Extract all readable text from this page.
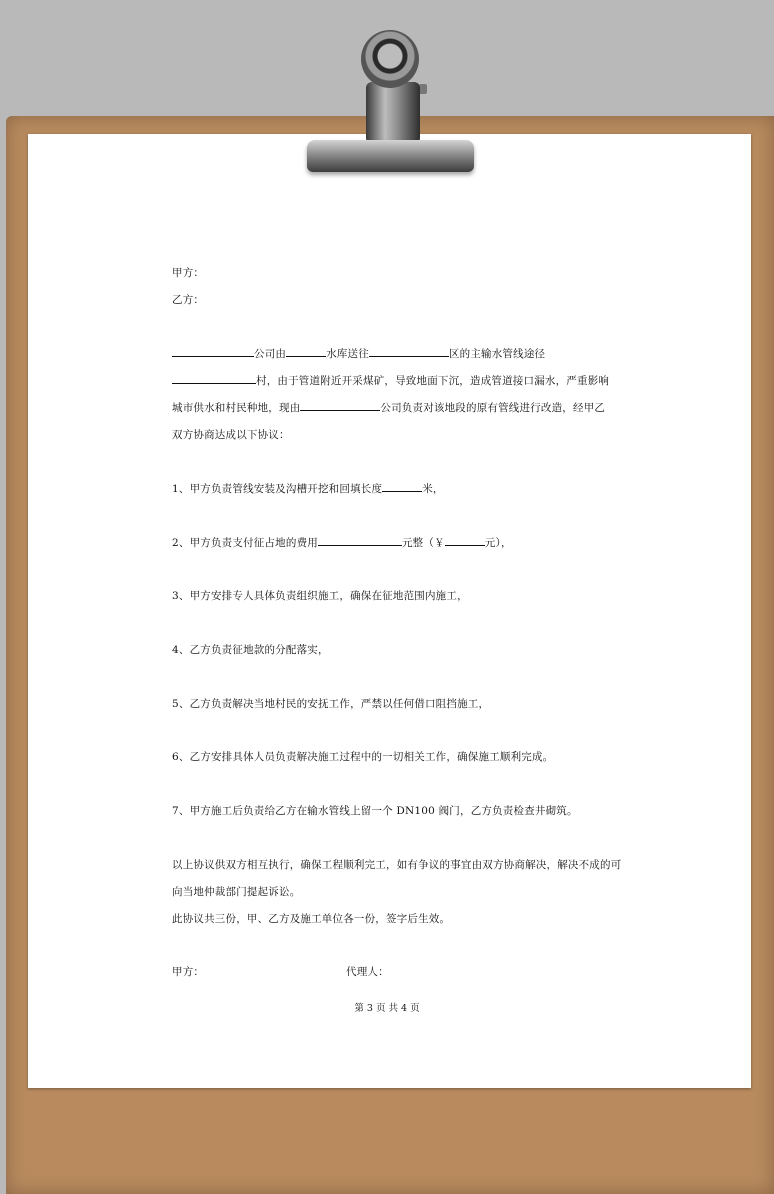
甲方：
乙方：
公司由	水库送往	区的主输水管线途径
村，由于管道附近开采煤矿，导致地面下沉，造成管道接口漏水，严重影响
城市供水和村民种地，现由	公司负责对该地段的原有管线进行改造，经甲乙
双方协商达成以下协议：
1、甲方负责管线安装及沟槽开挖和回填长度	米，
2、甲方负责支付征占地的费用	元整（￥	元），
3、甲方安排专人具体负责组织施工，确保在征地范围内施工，
4、乙方负责征地款的分配落实，
5、乙方负责解决当地村民的安抚工作，严禁以任何借口阻挡施工，
6、乙方安排具体人员负责解决施工过程中的一切相关工作，确保施工顺利完成。
7、甲方施工后负责给乙方在输水管线上留一个 DN100 阀门，乙方负责检查井砌筑。
以上协议供双方相互执行，确保工程顺利完工，如有争议的事宜由双方协商解决，解决不成的可
向当地仲裁部门提起诉讼。
此协议共三份，甲、乙方及施工单位各一份，签字后生效。
甲方：	代理人：
第 3 页 共 4 页
